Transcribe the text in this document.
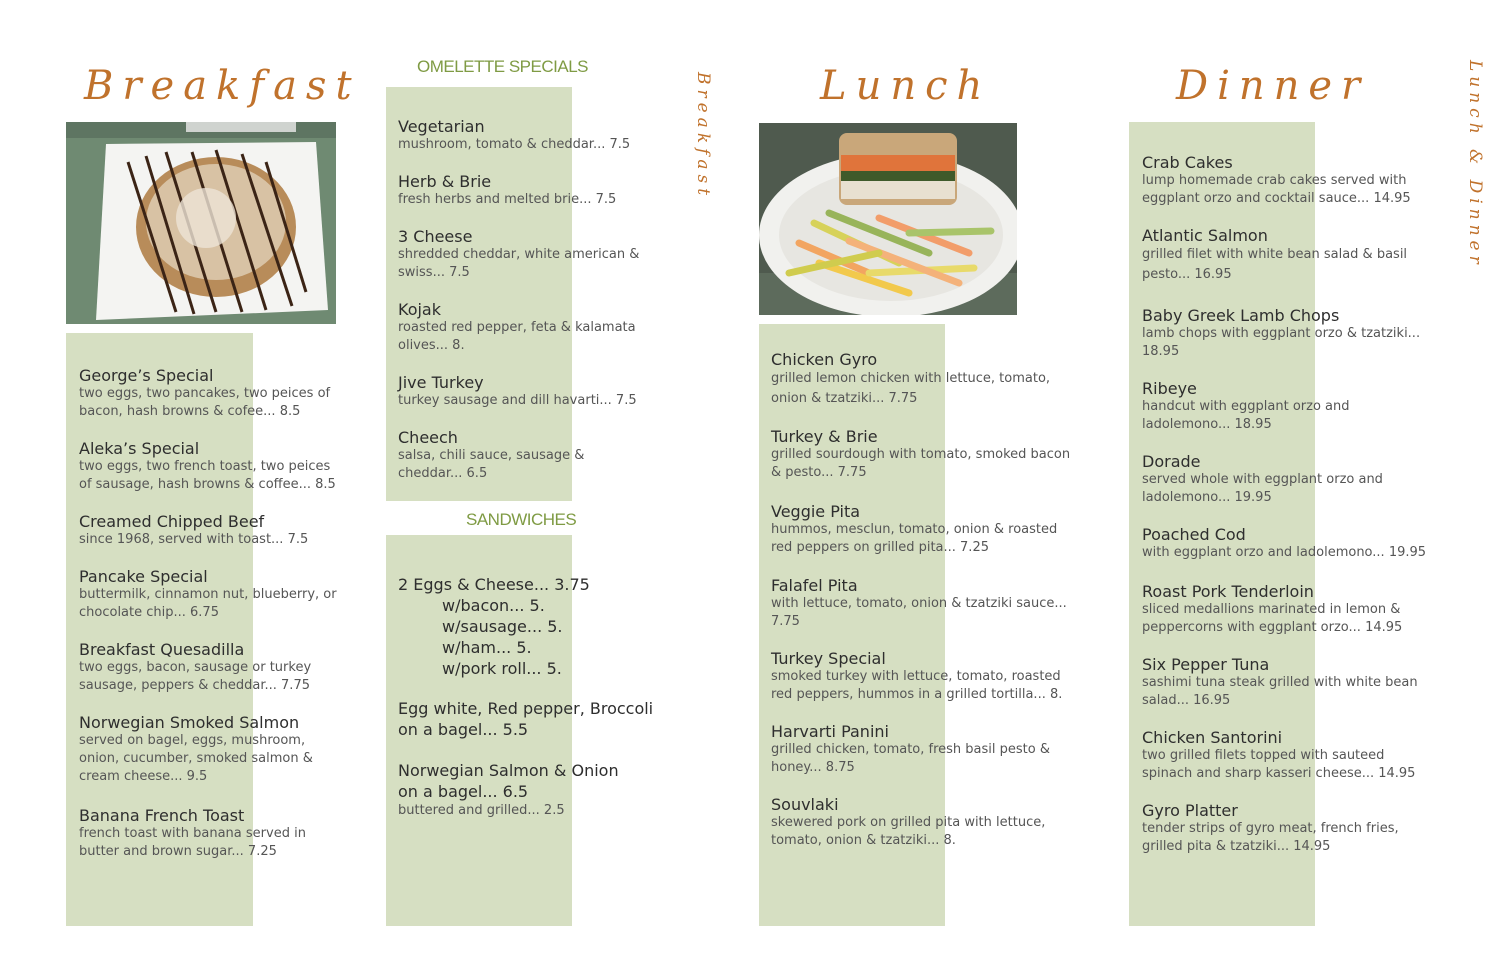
Breakfast
George’s Special
two eggs, two pancakes, two peices of bacon, hash browns & cofee... 8.5
Aleka’s Special
two eggs, two french toast, two peices of sausage, hash browns & coffee... 8.5
Creamed Chipped Beef
since 1968, served with toast... 7.5
Pancake Special
buttermilk, cinnamon nut, blueberry, or chocolate chip... 6.75
Breakfast Quesadilla
two eggs, bacon, sausage or turkey sausage, peppers & cheddar... 7.75
Norwegian Smoked Salmon
served on bagel, eggs, mushroom, onion, cucumber, smoked salmon & cream cheese... 9.5
Banana French Toast
french toast with banana served in butter and brown sugar... 7.25
OMELETTE SPECIALS
Vegetarian
mushroom, tomato & cheddar... 7.5
Herb & Brie
fresh herbs and melted brie... 7.5
3 Cheese
shredded cheddar, white american & swiss... 7.5
Kojak
roasted red pepper, feta & kalamata olives... 8.
Jive Turkey
turkey sausage and dill havarti... 7.5
Cheech
salsa, chili sauce, sausage & cheddar... 6.5
SANDWICHES
2 Eggs & Cheese... 3.75
w/bacon... 5.
w/sausage... 5.
w/ham... 5.
w/pork roll... 5.
Egg white, Red pepper, Broccoli
on a bagel... 5.5
Norwegian Salmon & Onion
on a bagel... 6.5
buttered and grilled... 2.5
Breakfast	Lunch
Chicken Gyro
grilled lemon chicken with lettuce, tomato, onion & tzatziki... 7.75
Turkey & Brie
grilled sourdough with tomato, smoked bacon & pesto... 7.75
Veggie Pita
hummos, mesclun, tomato, onion & roasted red peppers on grilled pita... 7.25
Falafel Pita
with lettuce, tomato, onion & tzatziki sauce... 7.75
Turkey Special
smoked turkey with lettuce, tomato, roasted red peppers, hummos in a grilled tortilla... 8.
Harvarti Panini
grilled chicken, tomato, fresh basil pesto & honey... 8.75
Souvlaki
skewered pork on grilled pita with lettuce, tomato, onion & tzatziki... 8.
Dinner
Crab Cakes
lump homemade crab cakes served with eggplant orzo and cocktail sauce... 14.95
Atlantic Salmon
grilled filet with white bean salad & basil pesto... 16.95
Baby Greek Lamb Chops
lamb chops with eggplant orzo & tzatziki... 18.95
Ribeye
handcut with eggplant orzo and ladolemono... 18.95
Dorade
served whole with eggplant orzo and ladolemono... 19.95
Poached Cod
with eggplant orzo and ladolemono... 19.95
Roast Pork Tenderloin
sliced medallions marinated in lemon & peppercorns with eggplant orzo... 14.95
Six Pepper Tuna
sashimi tuna steak grilled with white bean salad... 16.95
Chicken Santorini
two grilled filets topped with sauteed spinach and sharp kasseri cheese... 14.95
Gyro Platter
tender strips of gyro meat, french fries, grilled pita & tzatziki... 14.95
Lunch & Dinner
